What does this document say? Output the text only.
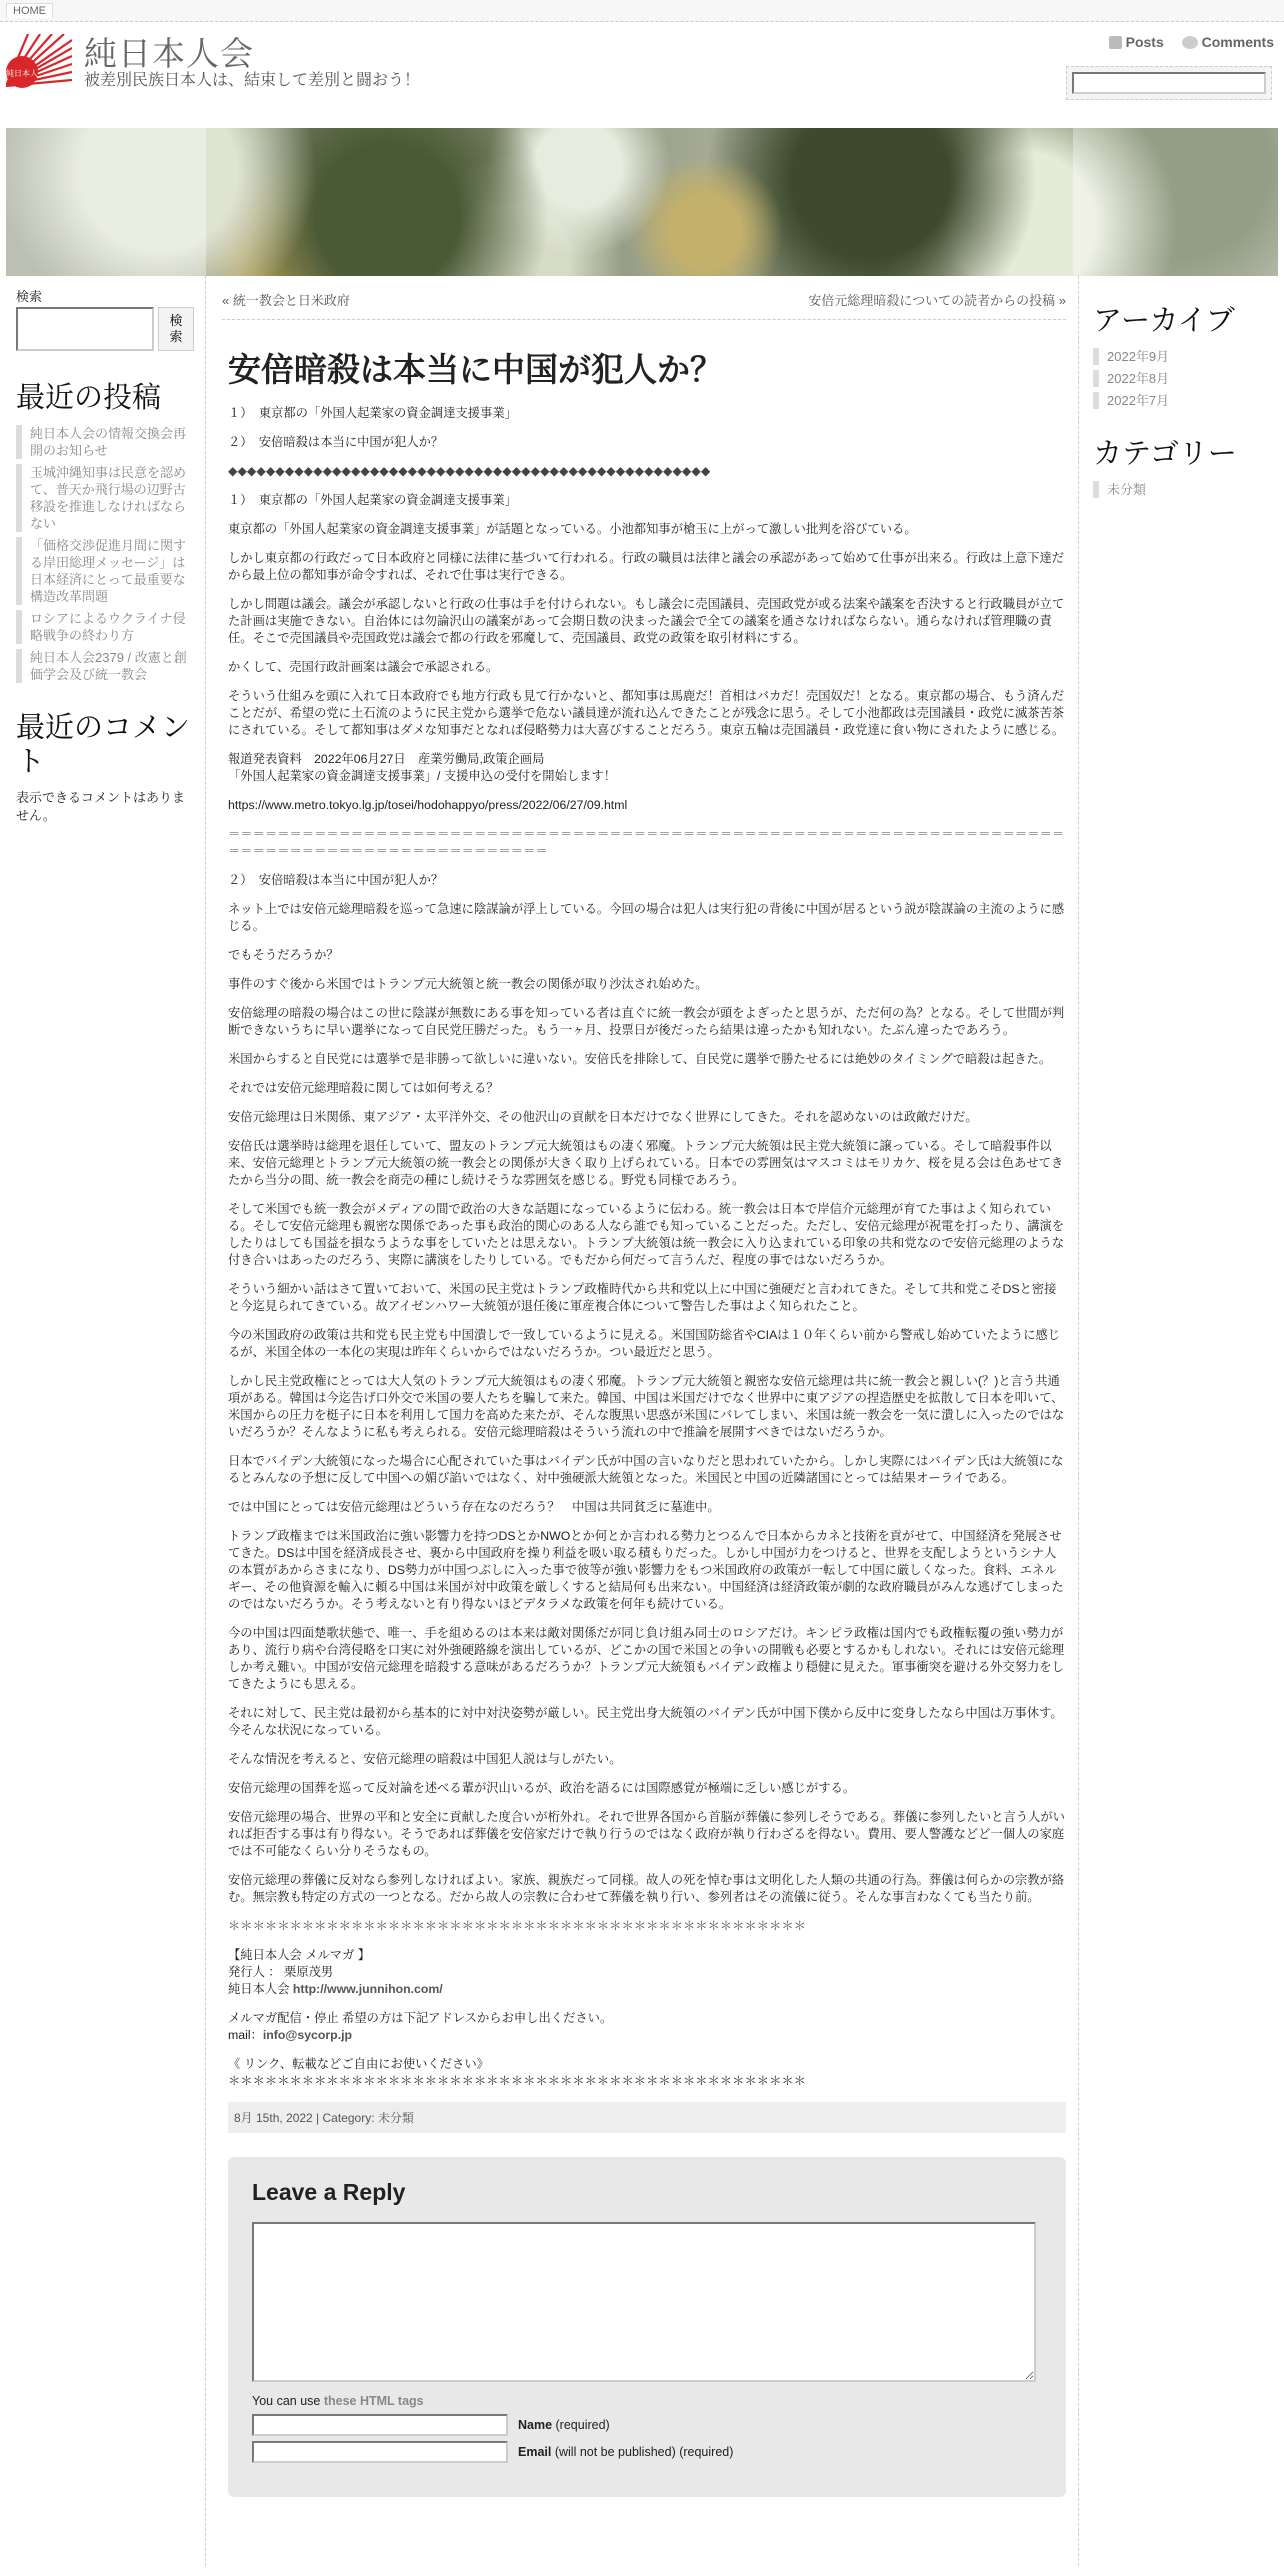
HOME
純日本人
純日本人会
被差別民族日本人は、結束して差別と闘おう！
Posts
	Comments
検索
検索
最近の投稿
純日本人会の情報交換会再開のお知らせ
玉城沖縄知事は民意を認めて、普天か飛行場の辺野古移設を推進しなければならない
「価格交渉促進月間に関する岸田総理メッセージ」は日本経済にとって最重要な構造改革問題
ロシアによるウクライナ侵略戦争の終わり方
純日本人会2379 / 改憲と創価学会及び統一教会
最近のコメント
表示できるコメントはありません。
« 統一教会と日米政府	安倍元総理暗殺についての読者からの投稿 »
安倍暗殺は本当に中国が犯人か？

１）　東京都の「外国人起業家の資金調達支援事業」

２）　安倍暗殺は本当に中国が犯人か？

◆◆◆◆◆◆◆◆◆◆◆◆◆◆◆◆◆◆◆◆◆◆◆◆◆◆◆◆◆◆◆◆◆◆◆◆◆◆◆◆◆◆◆◆◆◆◆◆◆◆◆

１）　東京都の「外国人起業家の資金調達支援事業」

東京都の「外国人起業家の資金調達支援事業」が話題となっている。小池都知事が槍玉に上がって激しい批判を浴びている。

しかし東京都の行政だって日本政府と同様に法律に基づいて行われる。行政の職員は法律と議会の承認があって始めて仕事が出来る。行政は上意下達だから最上位の都知事が命令すれば、それで仕事は実行できる。

しかし問題は議会。議会が承認しないと行政の仕事は手を付けられない。もし議会に売国議員、売国政党が或る法案や議案を否決すると行政職員が立てた計画は実施できない。自治体には勿論沢山の議案があって会期日数の決まった議会で全ての議案を通さなければならない。通らなければ管理職の責任。そこで売国議員や売国政党は議会で都の行政を邪魔して、売国議員、政党の政策を取引材料にする。

かくして、売国行政計画案は議会で承認される。

そういう仕組みを頭に入れて日本政府でも地方行政も見て行かないと、都知事は馬鹿だ！首相はバカだ！売国奴だ！となる。東京都の場合、もう済んだことだが、希望の党に土石流のように民主党から選挙で危ない議員達が流れ込んできたことが残念に思う。そして小池都政は売国議員・政党に滅茶苦茶にされている。そして都知事はダメな知事だとなれば侵略勢力は大喜びすることだろう。東京五輪は売国議員・政党達に食い物にされたように感じる。

報道発表資料　2022年06月27日　産業労働局,政策企画局
「外国人起業家の資金調達支援事業」/ 支援申込の受付を開始します！

https://www.metro.tokyo.lg.jp/tosei/hodohappyo/press/2022/06/27/09.html

＝＝＝＝＝＝＝＝＝＝＝＝＝＝＝＝＝＝＝＝＝＝＝＝＝＝＝＝＝＝＝＝＝＝＝＝＝＝＝＝＝＝＝＝＝＝＝＝＝＝＝＝＝＝＝＝＝＝＝＝＝＝＝＝＝＝＝＝＝＝＝＝＝＝＝＝＝＝＝＝＝＝＝＝＝＝＝＝＝＝＝＝＝＝

２）　安倍暗殺は本当に中国が犯人か？

ネット上では安倍元総理暗殺を巡って急速に陰謀論が浮上している。今回の場合は犯人は実行犯の背後に中国が居るという説が陰謀論の主流のように感じる。

でもそうだろうか？

事件のすぐ後から米国ではトランプ元大統領と統一教会の関係が取り沙汰され始めた。

安倍総理の暗殺の場合はこの世に陰謀が無数にある事を知っている者は直ぐに統一教会が頭をよぎったと思うが、ただ何の為？となる。そして世間が判断できないうちに早い選挙になって自民党圧勝だった。もう一ヶ月、投票日が後だったら結果は違ったかも知れない。たぶん違ったであろう。

米国からすると自民党には選挙で是非勝って欲しいに違いない。安倍氏を排除して、自民党に選挙で勝たせるには絶妙のタイミングで暗殺は起きた。

それでは安倍元総理暗殺に関しては如何考える？

安倍元総理は日米関係、東アジア・太平洋外交、その他沢山の貢献を日本だけでなく世界にしてきた。それを認めないのは政敵だけだ。

安倍氏は選挙時は総理を退任していて、盟友のトランプ元大統領はもの凄く邪魔。トランプ元大統領は民主党大統領に譲っている。そして暗殺事件以来、安倍元総理とトランプ元大統領の統一教会との関係が大きく取り上げられている。日本での雰囲気はマスコミはモリカケ、桜を見る会は色あせてきたから当分の間、統一教会を商売の種にし続けそうな雰囲気を感じる。野党も同様であろう。

そして米国でも統一教会がメディアの間で政治の大きな話題になっているように伝わる。統一教会は日本で岸信介元総理が育てた事はよく知られている。そして安倍元総理も親密な関係であった事も政治的関心のある人なら誰でも知っていることだった。ただし、安倍元総理が祝電を打ったり、講演をしたりはしても国益を損なうような事をしていたとは思えない。トランプ大統領は統一教会に入り込まれている印象の共和党なので安倍元総理のような付き合いはあったのだろう、実際に講演をしたりしている。でもだから何だって言うんだ、程度の事ではないだろうか。

そういう細かい話はさて置いておいて、米国の民主党はトランプ政権時代から共和党以上に中国に強硬だと言われてきた。そして共和党こそDSと密接と今迄見られてきている。故アイゼンハワー大統領が退任後に軍産複合体について警告した事はよく知られたこと。

今の米国政府の政策は共和党も民主党も中国潰しで一致しているように見える。米国国防総省やCIAは１０年くらい前から警戒し始めていたように感じるが、米国全体の一本化の実現は昨年くらいからではないだろうか。つい最近だと思う。

しかし民主党政権にとっては大人気のトランプ元大統領はもの凄く邪魔。トランプ元大統領と親密な安倍元総理は共に統一教会と親しい(？)と言う共通項がある。韓国は今迄告げ口外交で米国の要人たちを騙して来た。韓国、中国は米国だけでなく世界中に東アジアの捏造歴史を拡散して日本を叩いて、米国からの圧力を梃子に日本を利用して国力を高めた来たが、そんな腹黒い思惑が米国にバレてしまい、米国は統一教会を一気に潰しに入ったのではないだろうか？そんなように私も考えられる。安倍元総理暗殺はそういう流れの中で推論を展開すべきではないだろうか。

日本でバイデン大統領になった場合に心配されていた事はバイデン氏が中国の言いなりだと思われていたから。しかし実際にはバイデン氏は大統領になるとみんなの予想に反して中国への媚び諂いではなく、対中強硬派大統領となった。米国民と中国の近隣諸国にとっては結果オーライである。

では中国にとっては安倍元総理はどういう存在なのだろう？　中国は共同貧乏に墓進中。

トランプ政権までは米国政治に強い影響力を持つDSとかNWOとか何とか言われる勢力とつるんで日本からカネと技術を貢がせて、中国経済を発展させてきた。DSは中国を経済成長させ、裏から中国政府を操り利益を吸い取る積もりだった。しかし中国が力をつけると、世界を支配しようというシナ人の本質があからさまになり、DS勢力が中国つぶしに入った事で彼等が強い影響力をもつ米国政府の政策が一転して中国に厳しくなった。食料、エネルギー、その他資源を輸入に頼る中国は米国が対中政策を厳しくすると結局何も出来ない。中国経済は経済政策が劇的な政府職員がみんな逃げてしまったのではないだろうか。そう考えないと有り得ないほどデタラメな政策を何年も続けている。

今の中国は四面楚歌状態で、唯一、手を組めるのは本来は敵対関係だが同じ負け組み同士のロシアだけ。キンピラ政権は国内でも政権転覆の強い勢力があり、流行り病や台湾侵略を口実に対外強硬路線を演出しているが、どこかの国で米国との争いの開戦も必要とするかもしれない。それには安倍元総理しか考え難い。中国が安倍元総理を暗殺する意味があるだろうか？トランプ元大統領もバイデン政権より穏健に見えた。軍事衝突を避ける外交努力をしてきたようにも思える。

それに対して、民主党は最初から基本的に対中対決姿勢が厳しい。民主党出身大統領のバイデン氏が中国下僕から反中に変身したなら中国は万事休す。今そんな状況になっている。

そんな情況を考えると、安倍元総理の暗殺は中国犯人説は与しがたい。

安倍元総理の国葬を巡って反対論を述べる輩が沢山いるが、政治を語るには国際感覚が極端に乏しい感じがする。

安倍元総理の場合、世界の平和と安全に貢献した度合いが桁外れ。それで世界各国から首脳が葬儀に参列しそうである。葬儀に参列したいと言う人がいれば拒否する事は有り得ない。そうであれば葬儀を安倍家だけで執り行うのではなく政府が執り行わざるを得ない。費用、要人警護などど一個人の家庭では不可能なくらい分りそうなもの。

安倍元総理の葬儀に反対なら参列しなければよい。家族、親族だって同様。故人の死を悼む事は文明化した人類の共通の行為。葬儀は何らかの宗教が絡む。無宗教も特定の方式の一つとなる。だから故人の宗教に合わせて葬儀を執り行い、参列者はその流儀に従う。そんな事言わなくても当たり前。

＊＊＊＊＊＊＊＊＊＊＊＊＊＊＊＊＊＊＊＊＊＊＊＊＊＊＊＊＊＊＊＊＊＊＊＊＊＊＊＊＊＊＊＊＊＊＊

【純日本人会 メルマガ 】
発行人 ： 栗原茂男
純日本人会 http://www.junnihon.com/

メルマガ配信・停止 希望の方は下記アドレスからお申し出ください。
mail：info@sycorp.jp

《 リンク、転載などご自由にお使いください》
＊＊＊＊＊＊＊＊＊＊＊＊＊＊＊＊＊＊＊＊＊＊＊＊＊＊＊＊＊＊＊＊＊＊＊＊＊＊＊＊＊＊＊＊＊＊＊

8月 15th, 2022 | Category: 未分類
Leave a Reply
You can use these HTML tags
Name (required)
Email (will not be published) (required)
アーカイブ
2022年9月
2022年8月
2022年7月
カテゴリー
未分類
